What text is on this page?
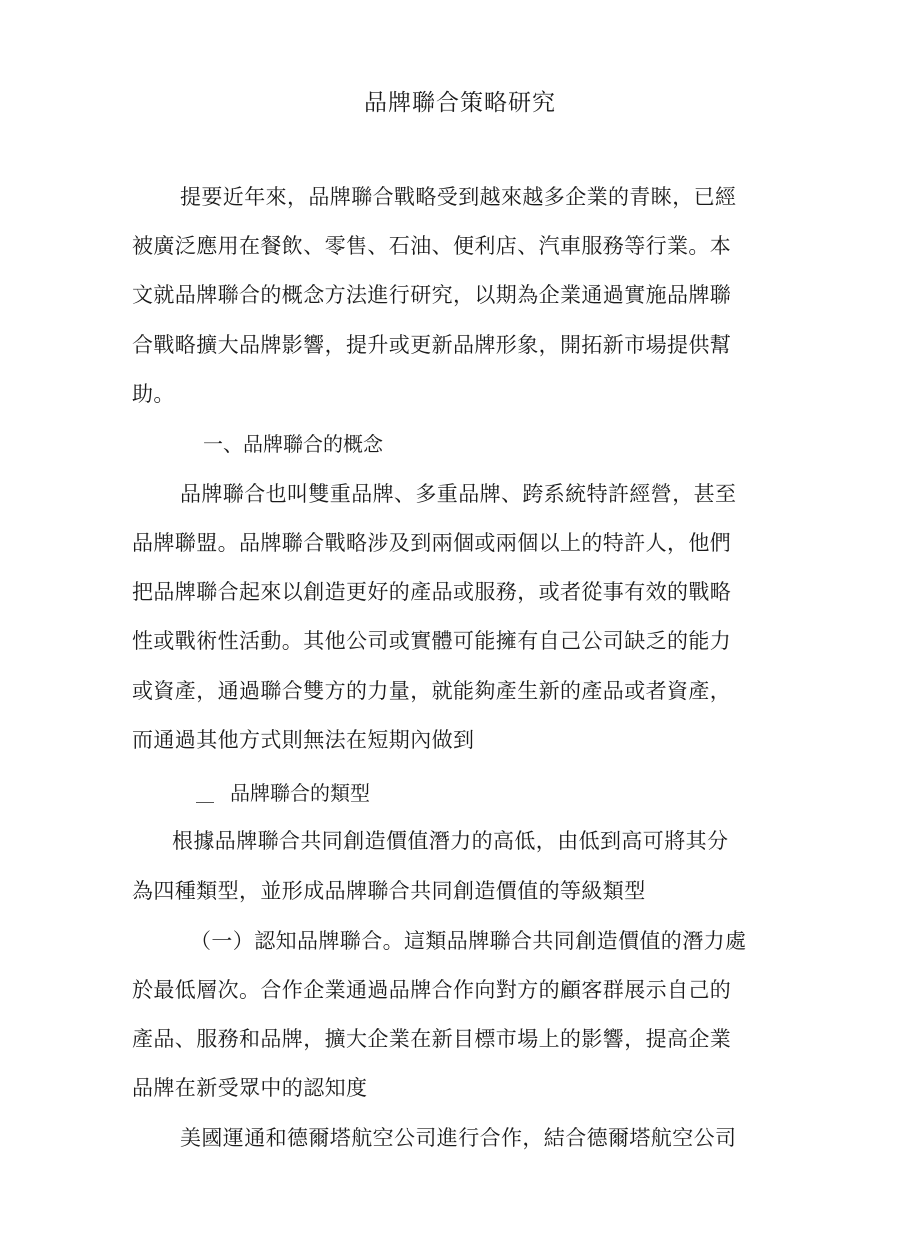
品牌聯合策略研究
提要近年來，品牌聯合戰略受到越來越多企業的青睞，已經
被廣泛應用在餐飲、零售、石油、便利店、汽車服務等行業。本
文就品牌聯合的概念方法進行研究，以期為企業通過實施品牌聯
合戰略擴大品牌影響，提升或更新品牌形象，開拓新市場提供幫
助。
一、品牌聯合的概念
品牌聯合也叫雙重品牌、多重品牌、跨系統特許經營，甚至
品牌聯盟。品牌聯合戰略涉及到兩個或兩個以上的特許人，他們
把品牌聯合起來以創造更好的產品或服務，或者從事有效的戰略
性或戰術性活動。其他公司或實體可能擁有自己公司缺乏的能力
或資產，通過聯合雙方的力量，就能夠產生新的產品或者資產，
而通過其他方式則無法在短期內做到
品牌聯合的類型
根據品牌聯合共同創造價值潛力的高低，由低到高可將其分
為四種類型，並形成品牌聯合共同創造價值的等級類型
（一）認知品牌聯合。這類品牌聯合共同創造價值的潛力處
於最低層次。合作企業通過品牌合作向對方的顧客群展示自己的
產品、服務和品牌，擴大企業在新目標市場上的影響，提高企業
品牌在新受眾中的認知度
美國運通和德爾塔航空公司進行合作，結合德爾塔航空公司
